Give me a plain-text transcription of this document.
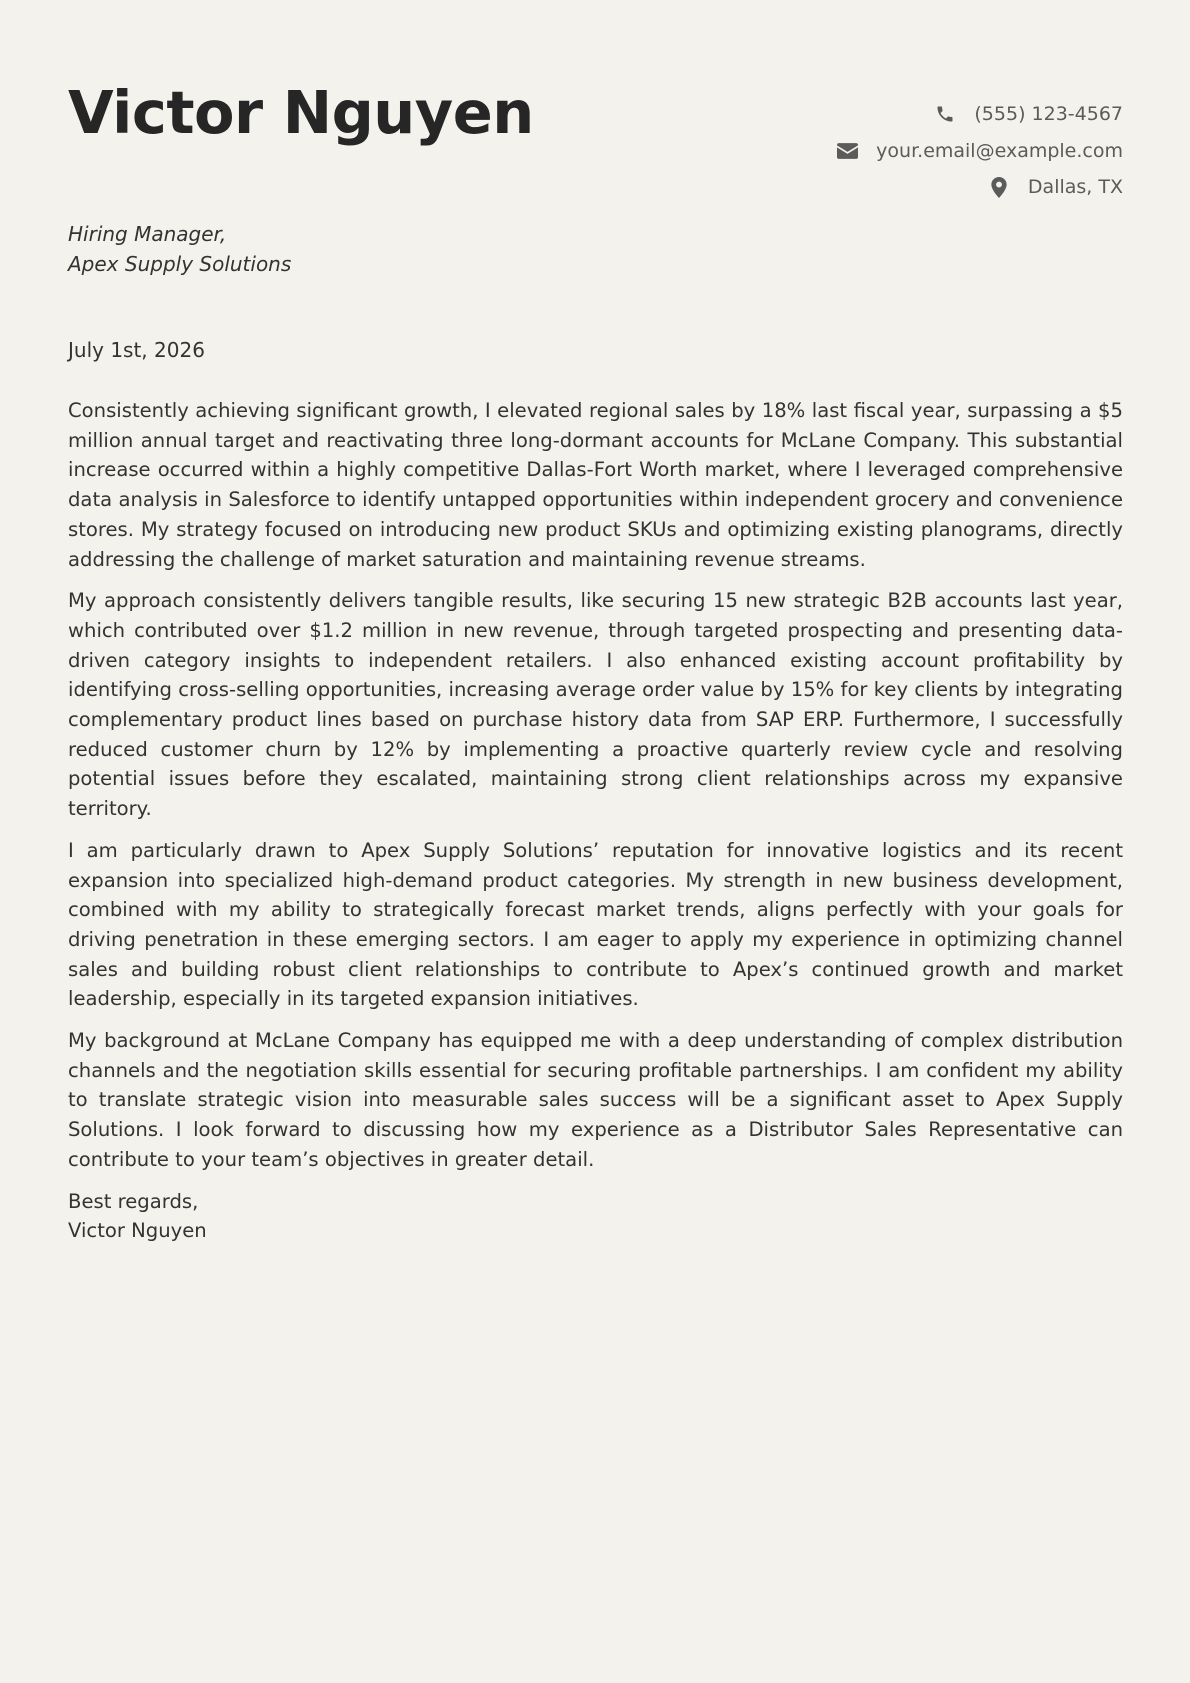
Victor Nguyen	(555) 123-4567
your.email@example.com
Dallas, TX
Hiring Manager,
Apex Supply Solutions
July 1st, 2026

Consistently achieving significant growth, I elevated regional sales by 18% last fiscal year, surpassing a $5 million annual target and reactivating three long-dormant accounts for McLane Company. This substantial increase occurred within a highly competitive Dallas-Fort Worth market, where I leveraged comprehensive data analysis in Salesforce to identify untapped opportunities within independent grocery and convenience stores. My strategy focused on introducing new product SKUs and optimizing existing planograms, directly addressing the challenge of market saturation and maintaining revenue streams.

My approach consistently delivers tangible results, like securing 15 new strategic B2B accounts last year, which contributed over $1.2 million in new revenue, through targeted prospecting and presenting data-driven category insights to independent retailers. I also enhanced existing account profitability by identifying cross-selling opportunities, increasing average order value by 15% for key clients by integrating complementary product lines based on purchase history data from SAP ERP. Furthermore, I successfully reduced customer churn by 12% by implementing a proactive quarterly review cycle and resolving potential issues before they escalated, maintaining strong client relationships across my expansive territory.

I am particularly drawn to Apex Supply Solutions’ reputation for innovative logistics and its recent expansion into specialized high-demand product categories. My strength in new business development, combined with my ability to strategically forecast market trends, aligns perfectly with your goals for driving penetration in these emerging sectors. I am eager to apply my experience in optimizing channel sales and building robust client relationships to contribute to Apex’s continued growth and market leadership, especially in its targeted expansion initiatives.

My background at McLane Company has equipped me with a deep understanding of complex distribution channels and the negotiation skills essential for securing profitable partnerships. I am confident my ability to translate strategic vision into measurable sales success will be a significant asset to Apex Supply Solutions. I look forward to discussing how my experience as a Distributor Sales Representative can contribute to your team’s objectives in greater detail.

Best regards,
Victor Nguyen
